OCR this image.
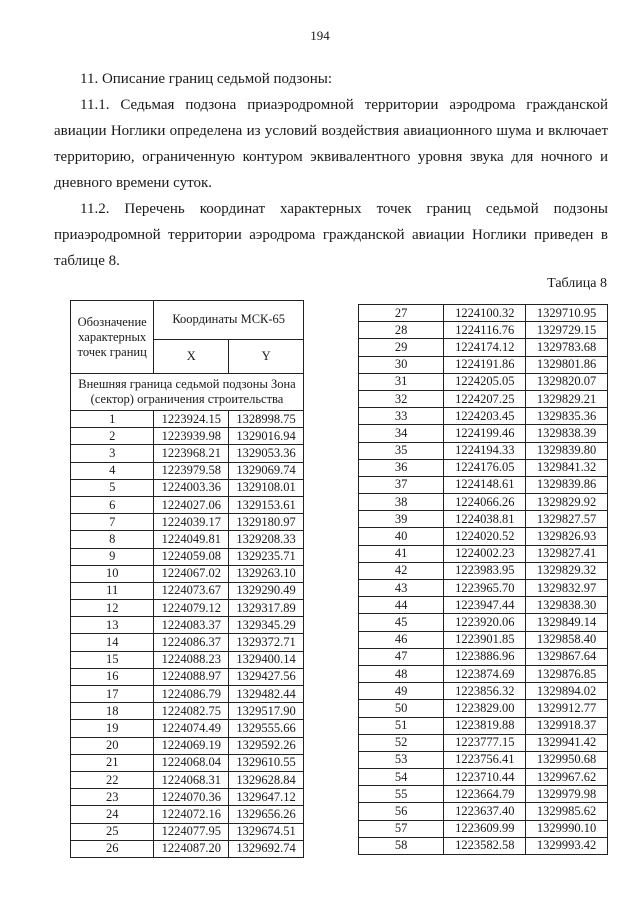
194

11. Описание границ седьмой подзоны:

11.1. Седьмая подзона приаэродромной территории аэродрома гражданской авиации Ноглики определена из условий воздействия авиационного шума и включает территорию, ограниченную контуром эквивалентного уровня звука для ночного и дневного времени суток.

11.2. Перечень координат характерных точек границ седьмой подзоны приаэродромной территории аэродрома гражданской авиации Ноглики приведен в таблице 8.

Таблица 8
Обозначение характерных точек границ	Координаты МСК-65	
	X	Y
Внешняя граница седьмой подзоны Зона (сектор) ограничения строительства		
1	1223924.15	1328998.75
2	1223939.98	1329016.94
3	1223968.21	1329053.36
4	1223979.58	1329069.74
5	1224003.36	1329108.01
6	1224027.06	1329153.61
7	1224039.17	1329180.97
8	1224049.81	1329208.33
9	1224059.08	1329235.71
10	1224067.02	1329263.10
11	1224073.67	1329290.49
12	1224079.12	1329317.89
13	1224083.37	1329345.29
14	1224086.37	1329372.71
15	1224088.23	1329400.14
16	1224088.97	1329427.56
17	1224086.79	1329482.44
18	1224082.75	1329517.90
19	1224074.49	1329555.66
20	1224069.19	1329592.26
21	1224068.04	1329610.55
22	1224068.31	1329628.84
23	1224070.36	1329647.12
24	1224072.16	1329656.26
25	1224077.95	1329674.51
26	1224087.20	1329692.74
27	1224100.32	1329710.95
28	1224116.76	1329729.15
29	1224174.12	1329783.68
30	1224191.86	1329801.86
31	1224205.05	1329820.07
32	1224207.25	1329829.21
33	1224203.45	1329835.36
34	1224199.46	1329838.39
35	1224194.33	1329839.80
36	1224176.05	1329841.32
37	1224148.61	1329839.86
38	1224066.26	1329829.92
39	1224038.81	1329827.57
40	1224020.52	1329826.93
41	1224002.23	1329827.41
42	1223983.95	1329829.32
43	1223965.70	1329832.97
44	1223947.44	1329838.30
45	1223920.06	1329849.14
46	1223901.85	1329858.40
47	1223886.96	1329867.64
48	1223874.69	1329876.85
49	1223856.32	1329894.02
50	1223829.00	1329912.77
51	1223819.88	1329918.37
52	1223777.15	1329941.42
53	1223756.41	1329950.68
54	1223710.44	1329967.62
55	1223664.79	1329979.98
56	1223637.40	1329985.62
57	1223609.99	1329990.10
58	1223582.58	1329993.42
